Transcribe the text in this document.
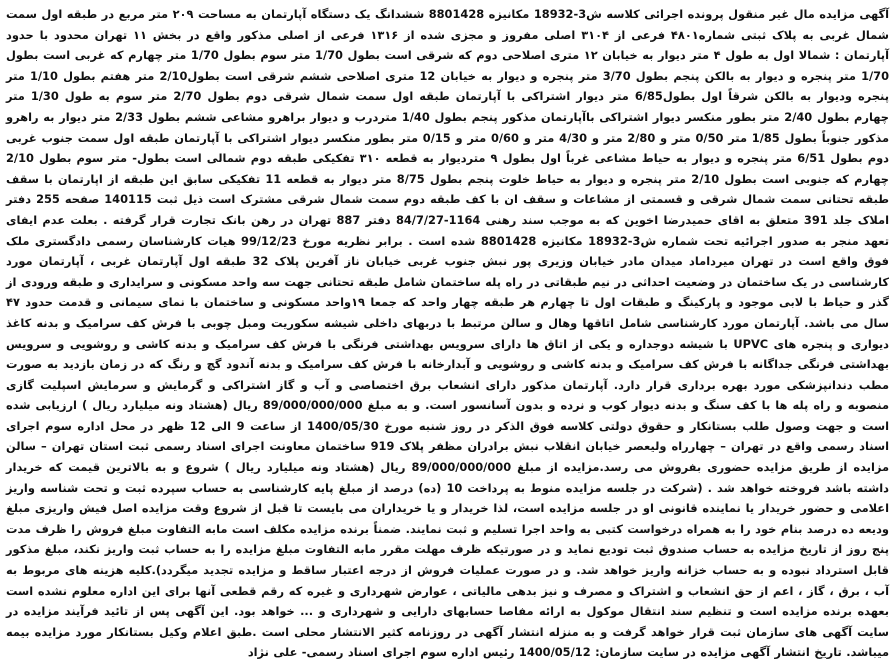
آگهی مزایده مال غیر منقول پرونده اجرائی کلاسه ش3-18932 مکانیزه 8801428 ششدانگ یک دستگاه آپارتمان به مساحت ۲۰۹ متر مربع در طبقه اول سمت شمال غربی به پلاک ثبتی شماره۴۸۰۱ فرعی از ۳۱۰۴ اصلی مفروز و مجزی شده از ۱۳۱۶ فرعی از اصلی مذکور واقع در بخش ۱۱ تهران محدود با حدود آپارتمان : شمالا اول به طول ۴ متر دیوار به خیابان ۱۲ متری اصلاحی دوم که شرقی است بطول 1/70 متر سوم بطول 1/70 متر چهارم که غربی است بطول 1/70 متر پنجره و دیوار به بالکن پنجم بطول 3/70 متر پنجره و دیوار به خیابان 12 متری اصلاحی ششم شرقی است بطول2/10 متر هفتم بطول 1/10 متر پنجره ودیوار به بالکن شرقاً اول بطول6/85 متر دیوار اشتراکی با آپارتمان طبقه اول سمت شمال شرقی دوم بطول 2/70 متر سوم به طول 1/30 متر چهارم بطول 2/40 متر بطور منکسر دیوار اشتراکی باآپارتمان مذکور پنجم بطول 1/40 متردرب و دیوار براهرو مشاعی ششم بطول 2/33 متر دیوار به راهرو مذکور جنوباً بطول 1/85 متر 0/50 متر و 2/80 متر و 4/30 متر و 0/60 متر و 0/15 متر بطور منکسر دیوار اشتراکی با آپارتمان طبقه اول سمت جنوب غربی دوم بطول 6/51 متر پنجره و دیوار به حیاط مشاعی غرباً اول بطول ۹ متردیوار به قطعه ۳۱۰ تفکیکی طبقه دوم شمالی است بطول- متر سوم بطول 2/10 چهارم که جنوبی است بطول 2/10 متر پنجره و دیوار به حیاط خلوت پنجم بطول 8/75 متر دیوار به قطعه 11 تفکیکی سابق این طبقه از اپارتمان با سقف طبقه تحتانی سمت شمال شرقی و قسمتی از مشاعات و سقف ان با کف طبقه دوم سمت شمال شرقی مشترک است ذیل ثبت 140115 صفحه 255 دفتر املاک جلد 391 متعلق به اقای حمیدرضا اخوین که به موجب سند رهنی 1164-84/7/27 دفتر 887 تهران در رهن بانک تجارت قرار گرفته . بعلت عدم ایفای تعهد منجر به صدور اجرائیه تحت شماره ش3-18932 مکانیزه 8801428 شده است . برابر نظریه مورخ 99/12/23 هیات کارشناسان رسمی دادگستری ملک فوق واقع است در تهران میرداماد میدان مادر خیابان وزیری پور نبش جنوب غربی خیابان ناز آفرین پلاک 32 طبقه اول آپارتمان غربی ، آپارتمان مورد کارشناسی در یک ساختمان در وضعیت احداثی در نیم طبقاتی در راه پله ساختمان شامل طبقه تحتانی جهت سه واحد مسکونی و سرایداری و طبقه ورودی از گذر و حیاط با لابی موجود و پارکینگ و طبقات اول تا چهارم هر طبقه چهار واحد که جمعا ۱۹واحد مسکونی و ساختمان با نمای سیمانی و قدمت حدود ۴۷ سال می باشد. آپارتمان مورد کارشناسی شامل اتاقها وهال و سالن مرتبط با دربهای داخلی شیشه سکوریت ومبل چوبی با فرش کف سرامیک و بدنه کاغذ دیواری و پنجره های UPVC با شیشه دوجداره و یکی از اتاق ها دارای سرویس بهداشتی فرنگی با فرش کف سرامیک و بدنه کاشی و روشویی و سرویس بهداشتی فرنگی جداگانه با فرش کف سرامیک و بدنه کاشی و روشویی و آبدارخانه با فرش کف سرامیک و بدنه آندود گچ و رنگ که در زمان بازدید به صورت مطب دندانپزشکی مورد بهره برداری قرار دارد. آپارتمان مذکور دارای انشعاب برق اختصاصی و آب و گاز اشتراکی و گرمایش و سرمایش اسپلیت گازی منصوبه و راه پله ها با کف سنگ و بدنه دیوار کوب و نرده و بدون آسانسور است. و به مبلغ 89/000/000/000 ریال (هشتاد ونه میلیارد ریال ) ارزیابی شده است و جهت وصول طلب بستانکار و حقوق دولتی کلاسه فوق الذکر در روز شنبه مورخ 1400/05/30 از ساعت 9 الی 12 ظهر در محل اداره سوم اجرای اسناد رسمی واقع در تهران – چهارراه ولیعصر خیابان انقلاب نبش برادران مظفر پلاک 919 ساختمان معاونت اجرای اسناد رسمی ثبت استان تهران – سالن مزایده از طریق مزایده حضوری بفروش می رسد.مزایده از مبلغ 89/000/000/000 ریال (هشتاد ونه میلیارد ریال ) شروع و به بالاترین قیمت که خریدار داشته باشد فروخته خواهد شد . (شرکت در جلسه مزایده منوط به پرداخت 10 (ده) درصد از مبلغ پایه کارشناسی به حساب سپرده ثبت و تحت شناسه واریز اعلامی و حضور خریدار یا نماینده قانونی او در جلسه مزایده است، لذا خریدار و یا خریداران می بایست تا قبل از شروع وقت مزایده اصل فیش واریزی مبلغ ودیعه ده درصد بنام خود را به همراه درخواست کتبی به واحد اجرا تسلیم و ثبت نمایند. ضمناً برنده مزایده مکلف است مابه التفاوت مبلغ فروش را ظرف مدت پنج روز از تاریخ مزایده به حساب صندوق ثبت تودیع نماید و در صورتیکه ظرف مهلت مقرر مابه التفاوت مبلغ مزایده را به حساب ثبت واریز نکند، مبلغ مذکور قابل استرداد نبوده و به حساب خزانه واریز خواهد شد. و در صورت عملیات فروش از درجه اعتبار ساقط و مزایده تجدید میگردد).کلیه هزینه های مربوط به آب ، برق ، گاز ، اعم از حق انشعاب و اشتراک و مصرف و نیز بدهی مالیاتی ، عوارض شهرداری و غیره که رقم قطعی آنها برای این اداره معلوم نشده است بعهده برنده مزایده است و تنظیم سند انتقال موکول به ارائه مفاصا حسابهای دارایی و شهرداری و ... خواهد بود. این آگهی پس از تائید فرآیند مزایده در سایت آگهی های سازمان ثبت قرار خواهد گرفت و به منزله انتشار آگهی در روزنامه کثیر الانتشار محلی است .طبق اعلام وکیل بستانکار مورد مزایده بیمه میباشد. تاریخ انتشار آگهی مزایده در سایت سازمان: 1400/05/12 رئیس اداره سوم اجرای اسناد رسمی- علی نژاد
